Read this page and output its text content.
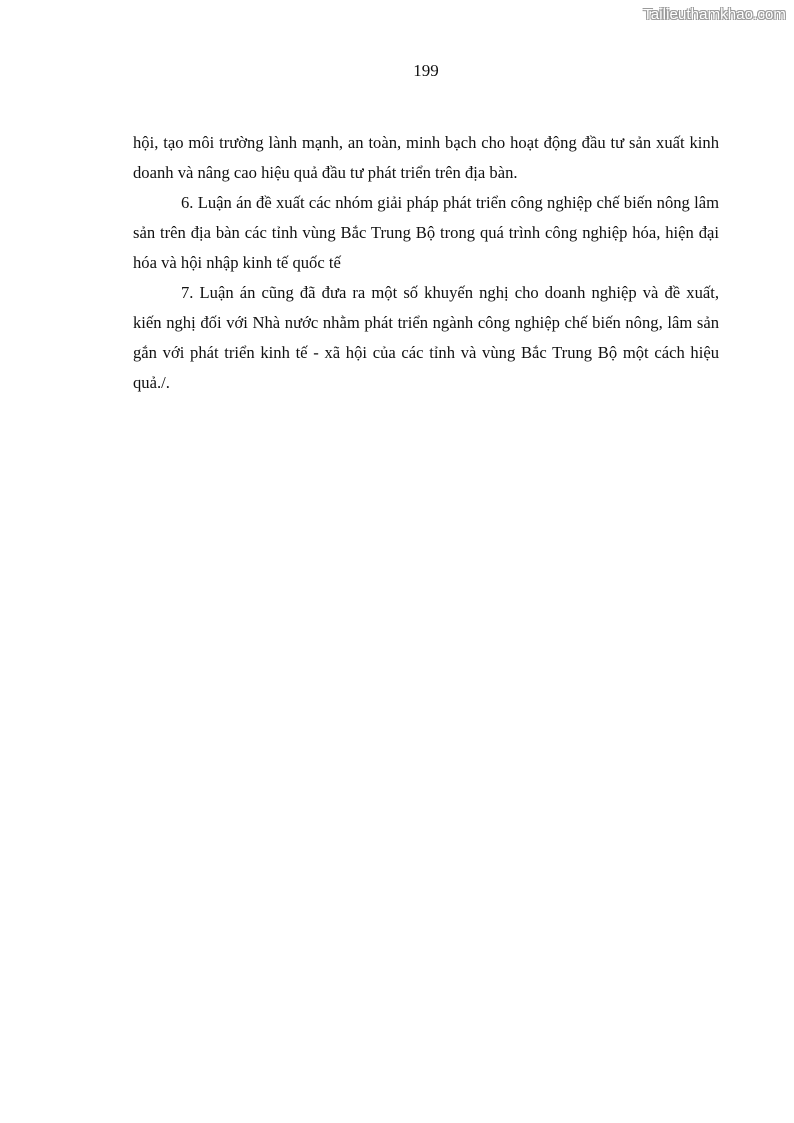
Tailieuthamkhao.com
199

hội, tạo môi trường lành mạnh, an toàn, minh bạch cho hoạt động đầu tư sản xuất kinh doanh và nâng cao hiệu quả đầu tư phát triển trên địa bàn.

6. Luận án đề xuất các nhóm giải pháp phát triển công nghiệp chế biến nông lâm sản trên địa bàn các tỉnh vùng Bắc Trung Bộ trong quá trình công nghiệp hóa, hiện đại hóa và hội nhập kinh tế quốc tế

7. Luận án cũng đã đưa ra một số khuyến nghị cho doanh nghiệp và đề xuất, kiến nghị đối với Nhà nước nhằm phát triển ngành công nghiệp chế biến nông, lâm sản gắn với phát triển kinh tế - xã hội của các tỉnh và vùng Bắc Trung Bộ một cách hiệu quả./.
